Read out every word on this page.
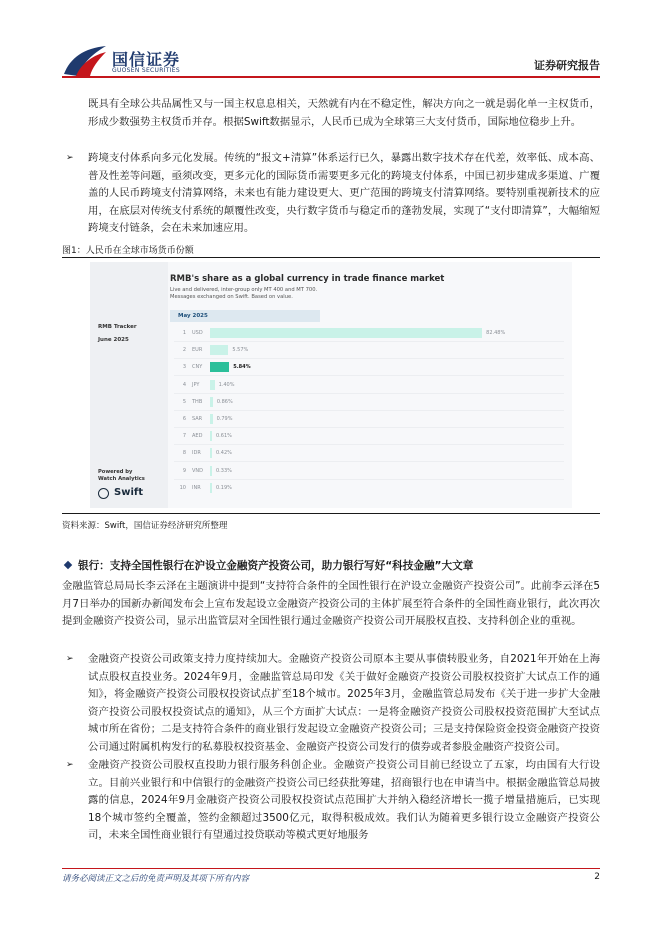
国信证券
GUOSEN SECURITIES	证券研究报告
既具有全球公共品属性又与一国主权息息相关，天然就有内在不稳定性，解决方向之一就是弱化单一主权货币，形成少数强势主权货币并存。根据Swift数据显示，人民币已成为全球第三大支付货币，国际地位稳步上升。
➢ 跨境支付体系向多元化发展。传统的“报文+清算”体系运行已久，暴露出数字技术存在代差，效率低、成本高、普及性差等问题，亟须改变，更多元化的国际货币需要更多元化的跨境支付体系，中国已初步建成多渠道、广覆盖的人民币跨境支付清算网络，未来也有能力建设更大、更广范围的跨境支付清算网络。要特别重视新技术的应用，在底层对传统支付系统的颠覆性改变，央行数字货币与稳定币的蓬勃发展，实现了“支付即清算”，大幅缩短跨境支付链条，会在未来加速应用。
图1：人民币在全球市场货币份额
RMB Tracker
June 2025
Powered by
Watch Analytics
Swift
RMB's share as a global currency in trade finance market
Live and delivered, inter-group only MT 400 and MT 700.
Messages exchanged on Swift. Based on value.
May 2025
1 USD	82.48%
2 EUR	5.57%
3 CNY	5.84%
4 JPY	1.40%
5 THB	0.86%
6 SAR	0.79%
7 AED	0.61%
8 IDR	0.42%
9 VND	0.33%
10 INR	0.19%
资料来源：Swift，国信证券经济研究所整理
银行：支持全国性银行在沪设立金融资产投资公司，助力银行写好“科技金融”大文章
金融监管总局局长李云泽在主题演讲中提到“支持符合条件的全国性银行在沪设立金融资产投资公司”。此前李云泽在5月7日举办的国新办新闻发布会上宣布发起设立金融资产投资公司的主体扩展至符合条件的全国性商业银行，此次再次提到金融资产投资公司，显示出监管层对全国性银行通过金融资产投资公司开展股权直投、支持科创企业的重视。
➢ 金融资产投资公司政策支持力度持续加大。金融资产投资公司原本主要从事债转股业务，自2021年开始在上海试点股权直投业务。2024年9月，金融监管总局印发《关于做好金融资产投资公司股权投资扩大试点工作的通知》，将金融资产投资公司股权投资试点扩至18个城市。2025年3月，金融监管总局发布《关于进一步扩大金融资产投资公司股权投资试点的通知》，从三个方面扩大试点：一是将金融资产投资公司股权投资范围扩大至试点城市所在省份；二是支持符合条件的商业银行发起设立金融资产投资公司；三是支持保险资金投资金融资产投资公司通过附属机构发行的私募股权投资基金、金融资产投资公司发行的债券或者参股金融资产投资公司。
➢ 金融资产投资公司股权直投助力银行服务科创企业。金融资产投资公司目前已经设立了五家，均由国有大行设立。目前兴业银行和中信银行的金融资产投资公司已经获批筹建，招商银行也在申请当中。根据金融监管总局披露的信息，2024年9月金融资产投资公司股权投资试点范围扩大并纳入稳经济增长一揽子增量措施后，已实现18个城市签约全覆盖，签约金额超过3500亿元，取得积极成效。我们认为随着更多银行设立金融资产投资公司，未来全国性商业银行有望通过投贷联动等模式更好地服务
请务必阅读正文之后的免责声明及其项下所有内容	2
